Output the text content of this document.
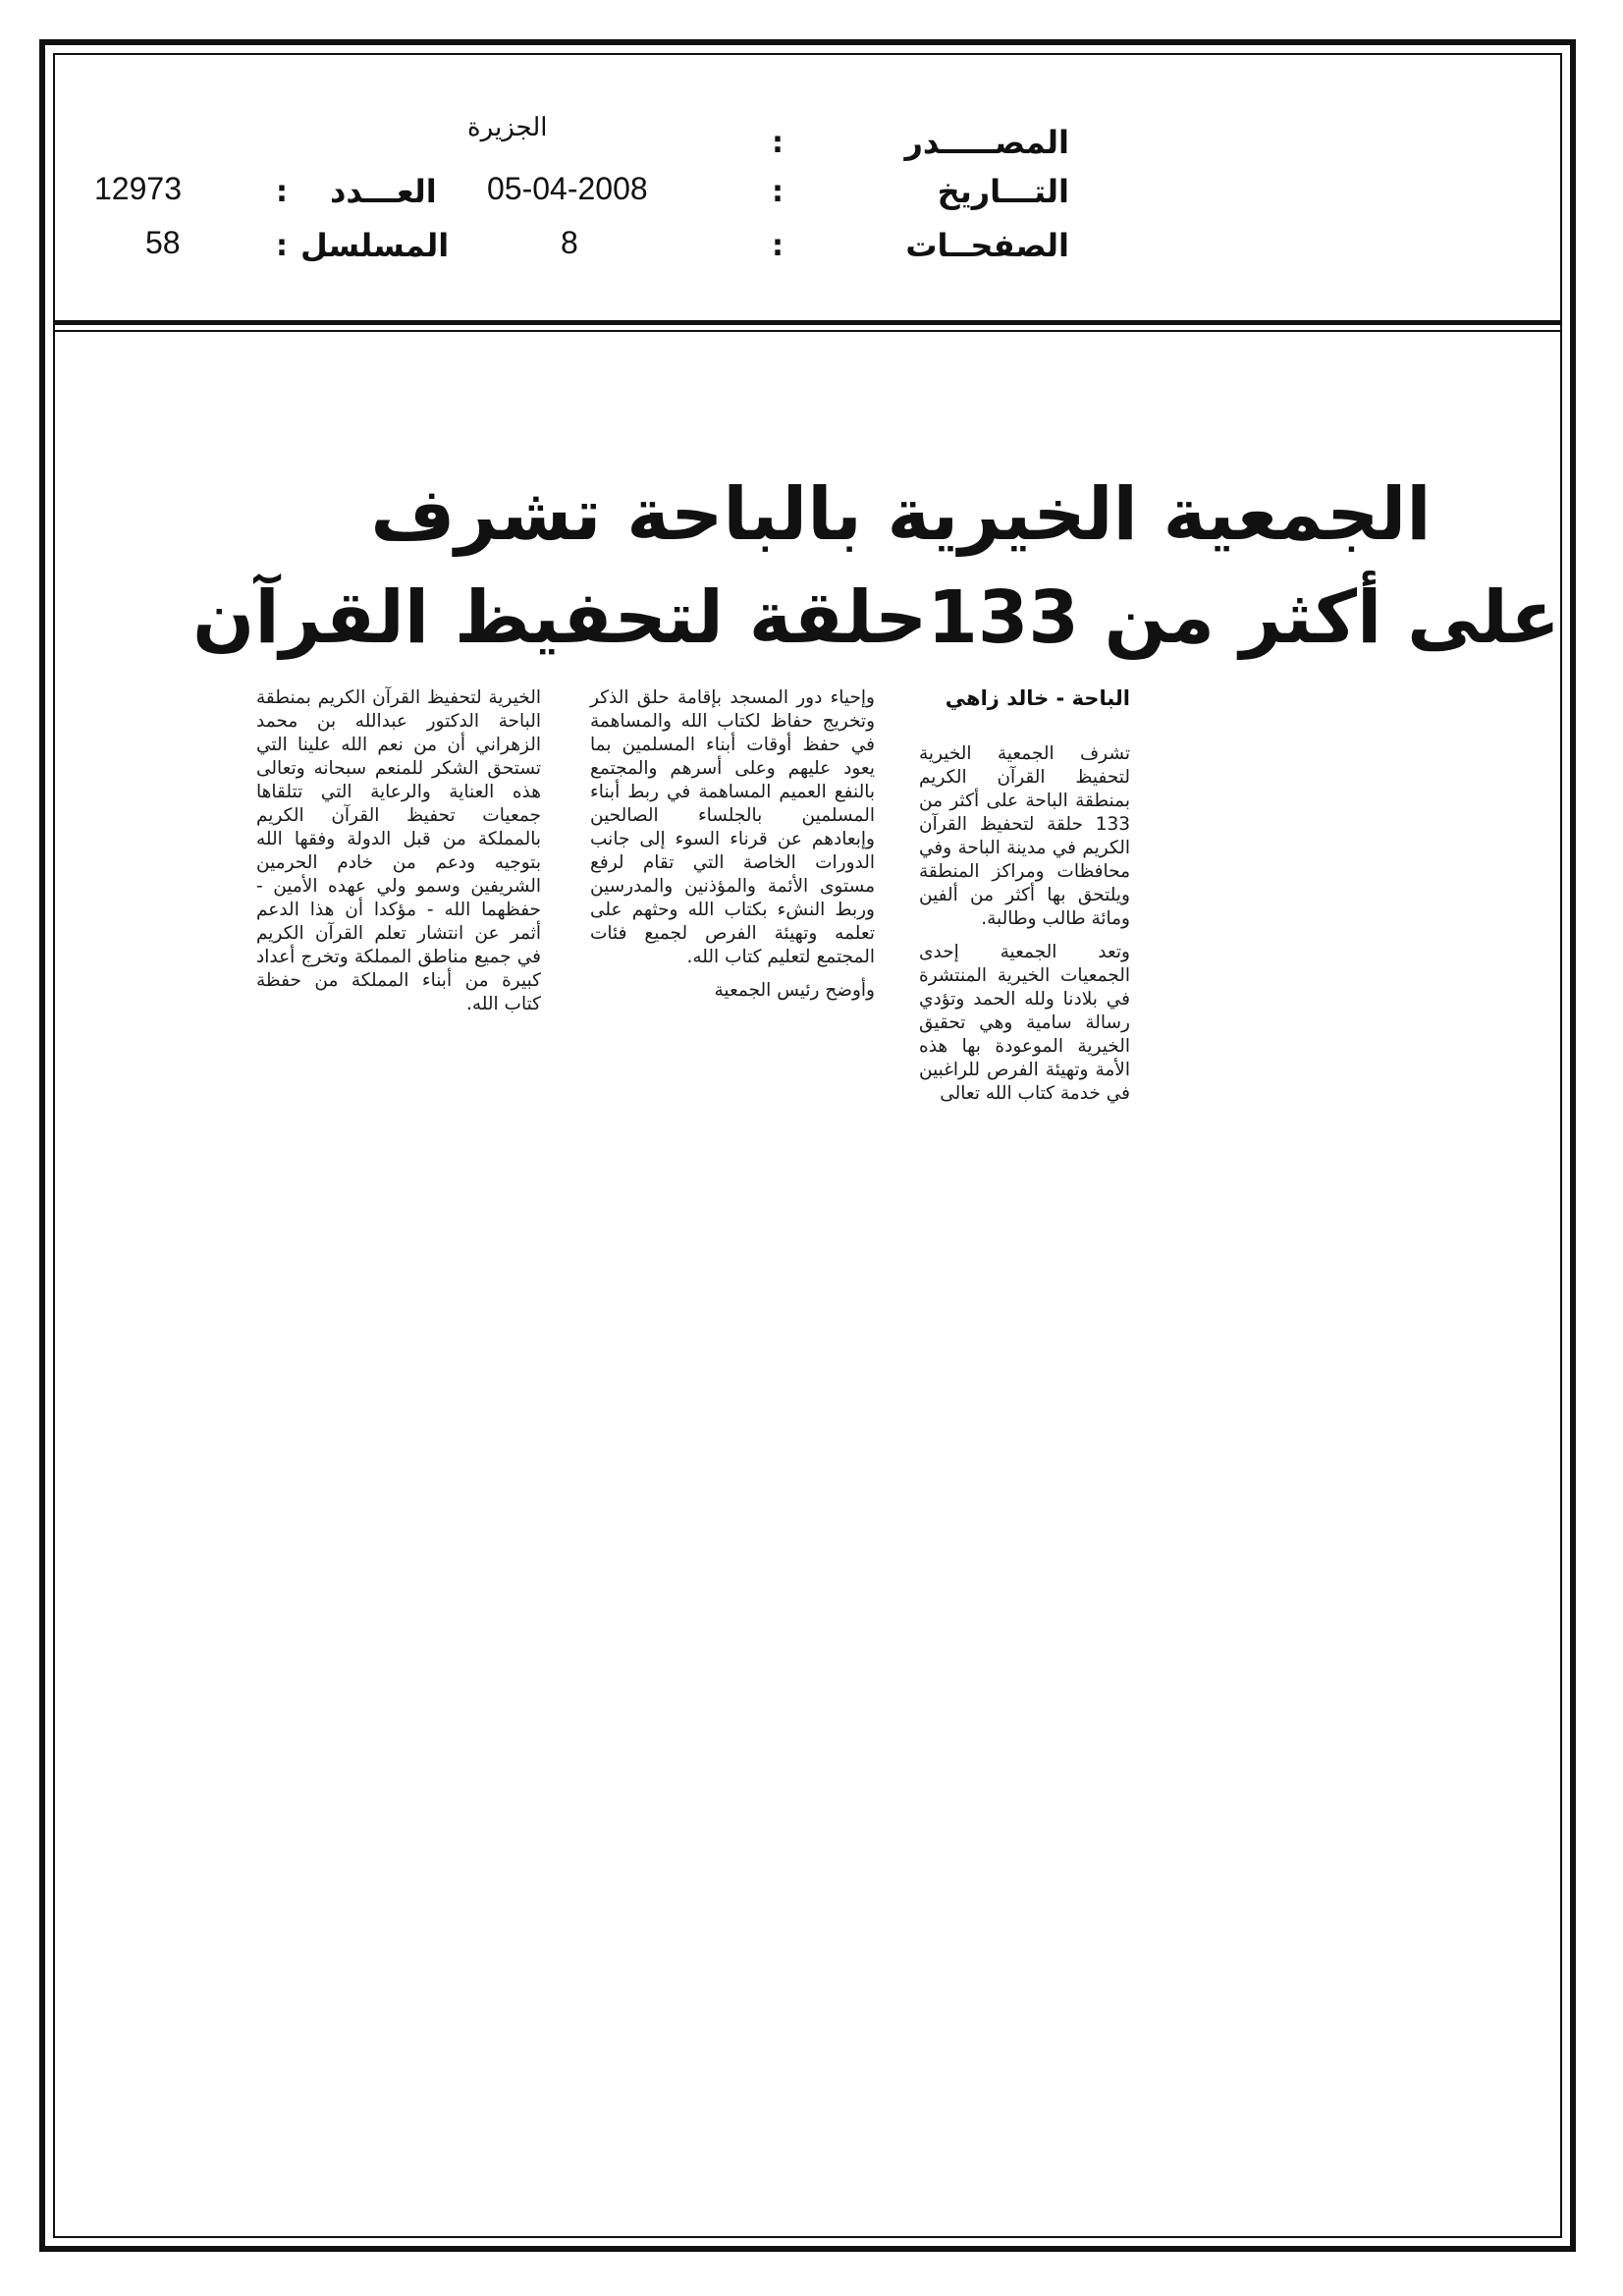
المصـــــدر
:
الجزيرة
التـــاريخ
:
05-04-2008
العـــدد
:
12973
الصفحــات
:
8
المسلسل
:
58
الجمعية الخيرية بالباحة تشرف
على أكثر من 133حلقة لتحفيظ القرآن
الباحة - خالد زاهي

تشرف الجمعية الخيرية لتحفيظ القرآن الكريم بمنطقة الباحة على أكثر من 133 حلقة لتحفيظ القرآن الكريم في مدينة الباحة وفي محافظات ومراكز المنطقة ويلتحق بها أكثر من ألفين ومائة طالب وطالبة.

وتعد الجمعية إحدى الجمعيات الخيرية المنتشرة في بلادنا ولله الحمد وتؤدي رسالة سامية وهي تحقيق الخيرية الموعودة بها هذه الأمة وتهيئة الفرص للراغبين في خدمة كتاب الله تعالى

وإحياء دور المسجد بإقامة حلق الذكر وتخريج حفاظ لكتاب الله والمساهمة في حفظ أوقات أبناء المسلمين بما يعود عليهم وعلى أسرهم والمجتمع بالنفع العميم المساهمة في ربط أبناء المسلمين بالجلساء الصالحين وإبعادهم عن قرناء السوء إلى جانب الدورات الخاصة التي تقام لرفع مستوى الأئمة والمؤذنين والمدرسين وربط النشء بكتاب الله وحثهم على تعلمه وتهيئة الفرص لجميع فئات المجتمع لتعليم كتاب الله.

وأوضح رئيس الجمعية

الخيرية لتحفيظ القرآن الكريم بمنطقة الباحة الدكتور عبدالله بن محمد الزهراني أن من نعم الله علينا التي تستحق الشكر للمنعم سبحانه وتعالى هذه العناية والرعاية التي تتلقاها جمعيات تحفيظ القرآن الكريم بالمملكة من قبل الدولة وفقها الله بتوجيه ودعم من خادم الحرمين الشريفين وسمو ولي عهده الأمين - حفظهما الله - مؤكدا أن هذا الدعم أثمر عن انتشار تعلم القرآن الكريم في جميع مناطق المملكة وتخرج أعداد كبيرة من أبناء المملكة من حفظة كتاب الله.
